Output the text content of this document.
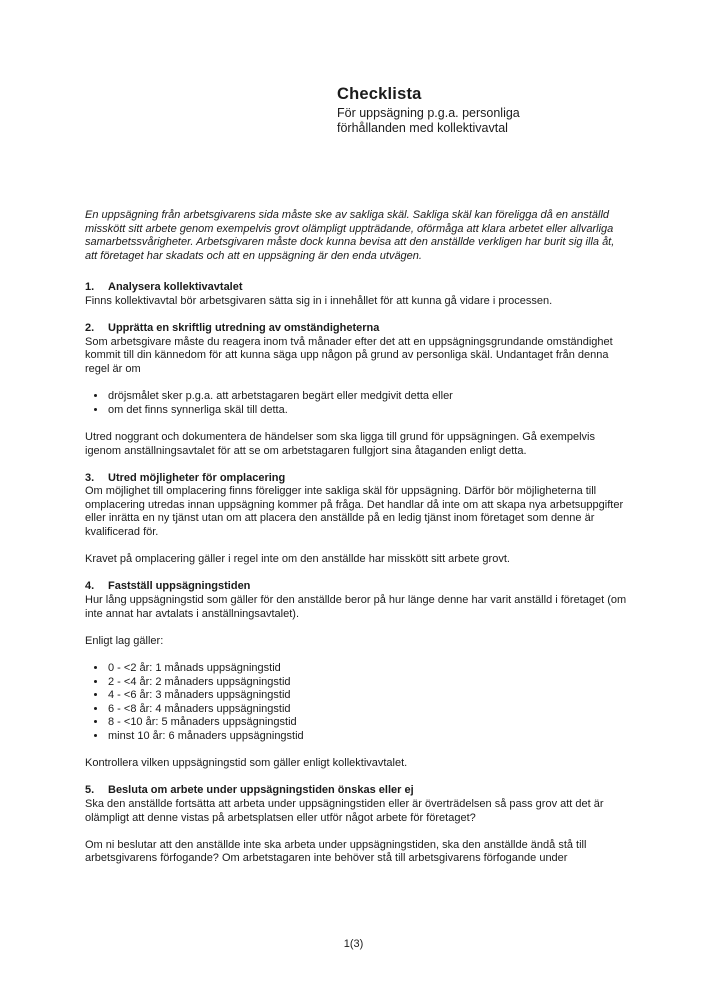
Checklista

För uppsägning p.g.a. personliga
förhållanden med kollektivavtal

En uppsägning från arbetsgivarens sida måste ske av sakliga skäl. Sakliga skäl kan föreligga då en anställd misskött sitt arbete genom exempelvis grovt olämpligt uppträdande, oförmåga att klara arbetet eller allvarliga samarbetssvårigheter. Arbetsgivaren måste dock kunna bevisa att den anställde verkligen har burit sig illa åt, att företaget har skadats och att en uppsägning är den enda utvägen.

1. Analysera kollektivavtalet

Finns kollektivavtal bör arbetsgivaren sätta sig in i innehållet för att kunna gå vidare i processen.

2. Upprätta en skriftlig utredning av omständigheterna

Som arbetsgivare måste du reagera inom två månader efter det att en uppsägningsgrundande omständighet kommit till din kännedom för att kunna säga upp någon på grund av personliga skäl. Undantaget från denna regel är om

• dröjsmålet sker p.g.a. att arbetstagaren begärt eller medgivit detta eller
• om det finns synnerliga skäl till detta.

Utred noggrant och dokumentera de händelser som ska ligga till grund för uppsägningen. Gå exempelvis igenom anställningsavtalet för att se om arbetstagaren fullgjort sina åtaganden enligt detta.

3. Utred möjligheter för omplacering

Om möjlighet till omplacering finns föreligger inte sakliga skäl för uppsägning. Därför bör möjligheterna till omplacering utredas innan uppsägning kommer på fråga. Det handlar då inte om att skapa nya arbetsuppgifter eller inrätta en ny tjänst utan om att placera den anställde på en ledig tjänst inom företaget som denne är kvalificerad för.

Kravet på omplacering gäller i regel inte om den anställde har misskött sitt arbete grovt.

4. Fastställ uppsägningstiden

Hur lång uppsägningstid som gäller för den anställde beror på hur länge denne har varit anställd i företaget (om inte annat har avtalats i anställningsavtalet).

Enligt lag gäller:

• 0 - <2 år: 1 månads uppsägningstid
• 2 - <4 år: 2 månaders uppsägningstid
• 4 - <6 år: 3 månaders uppsägningstid
• 6 - <8 år: 4 månaders uppsägningstid
• 8 - <10 år: 5 månaders uppsägningstid
• minst 10 år: 6 månaders uppsägningstid

Kontrollera vilken uppsägningstid som gäller enligt kollektivavtalet.

5. Besluta om arbete under uppsägningstiden önskas eller ej

Ska den anställde fortsätta att arbeta under uppsägningstiden eller är överträdelsen så pass grov att det är olämpligt att denne vistas på arbetsplatsen eller utför något arbete för företaget?

Om ni beslutar att den anställde inte ska arbeta under uppsägningstiden, ska den anställde ändå stå till arbetsgivarens förfogande? Om arbetstagaren inte behöver stå till arbetsgivarens förfogande under

1(3)
